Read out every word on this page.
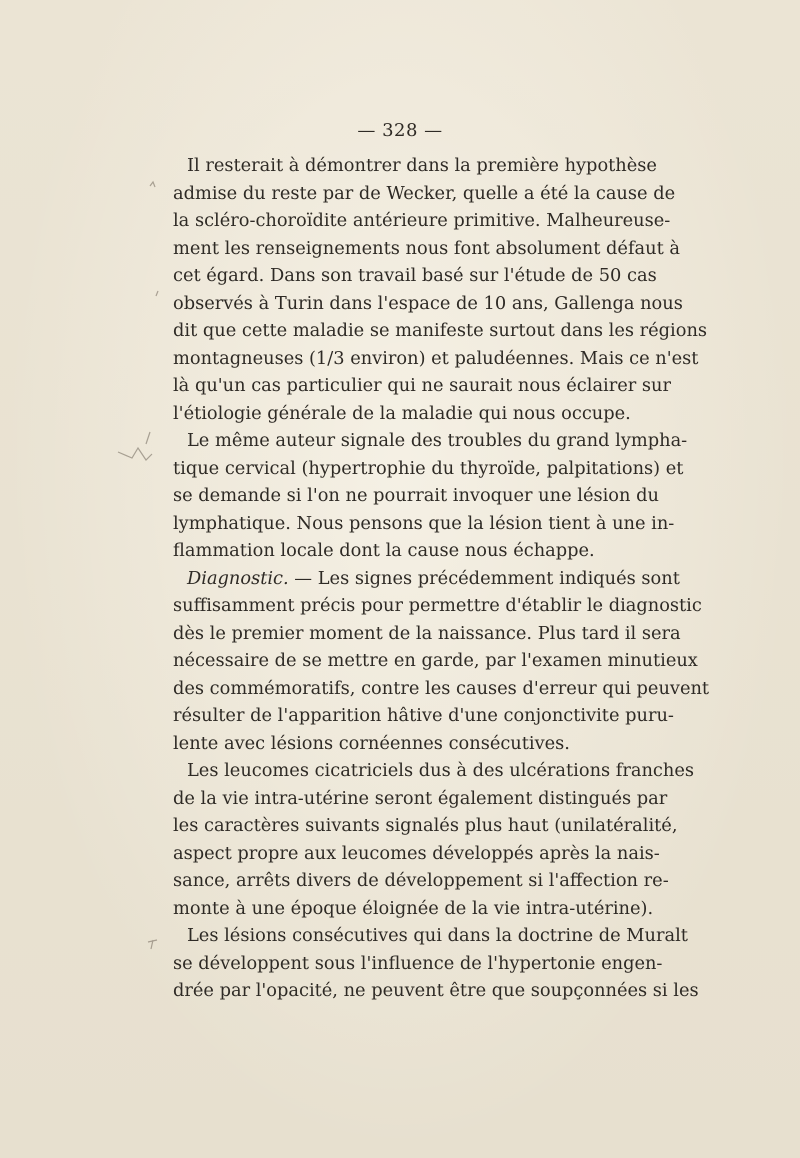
— 328 —
Il resterait à démontrer dans la première hypothèse
admise du reste par de Wecker, quelle a été la cause de
la scléro-choroïdite antérieure primitive. Malheureuse-
ment les renseignements nous font absolument défaut à
cet égard. Dans son travail basé sur l'étude de 50 cas
observés à Turin dans l'espace de 10 ans, Gallenga nous
dit que cette maladie se manifeste surtout dans les régions
montagneuses (1/3 environ) et paludéennes. Mais ce n'est
là qu'un cas particulier qui ne saurait nous éclairer sur
l'étiologie générale de la maladie qui nous occupe.
Le même auteur signale des troubles du grand lympha-
tique cervical (hypertrophie du thyroïde, palpitations) et
se demande si l'on ne pourrait invoquer une lésion du
lymphatique. Nous pensons que la lésion tient à une in-
flammation locale dont la cause nous échappe.
Diagnostic. — Les signes précédemment indiqués sont
suffisamment précis pour permettre d'établir le diagnostic
dès le premier moment de la naissance. Plus tard il sera
nécessaire de se mettre en garde, par l'examen minutieux
des commémoratifs, contre les causes d'erreur qui peuvent
résulter de l'apparition hâtive d'une conjonctivite puru-
lente avec lésions cornéennes consécutives.
Les leucomes cicatriciels dus à des ulcérations franches
de la vie intra-utérine seront également distingués par
les caractères suivants signalés plus haut (unilatéralité,
aspect propre aux leucomes développés après la nais-
sance, arrêts divers de développement si l'affection re-
monte à une époque éloignée de la vie intra-utérine).
Les lésions consécutives qui dans la doctrine de Muralt
se développent sous l'influence de l'hypertonie engen-
drée par l'opacité, ne peuvent être que soupçonnées si les
